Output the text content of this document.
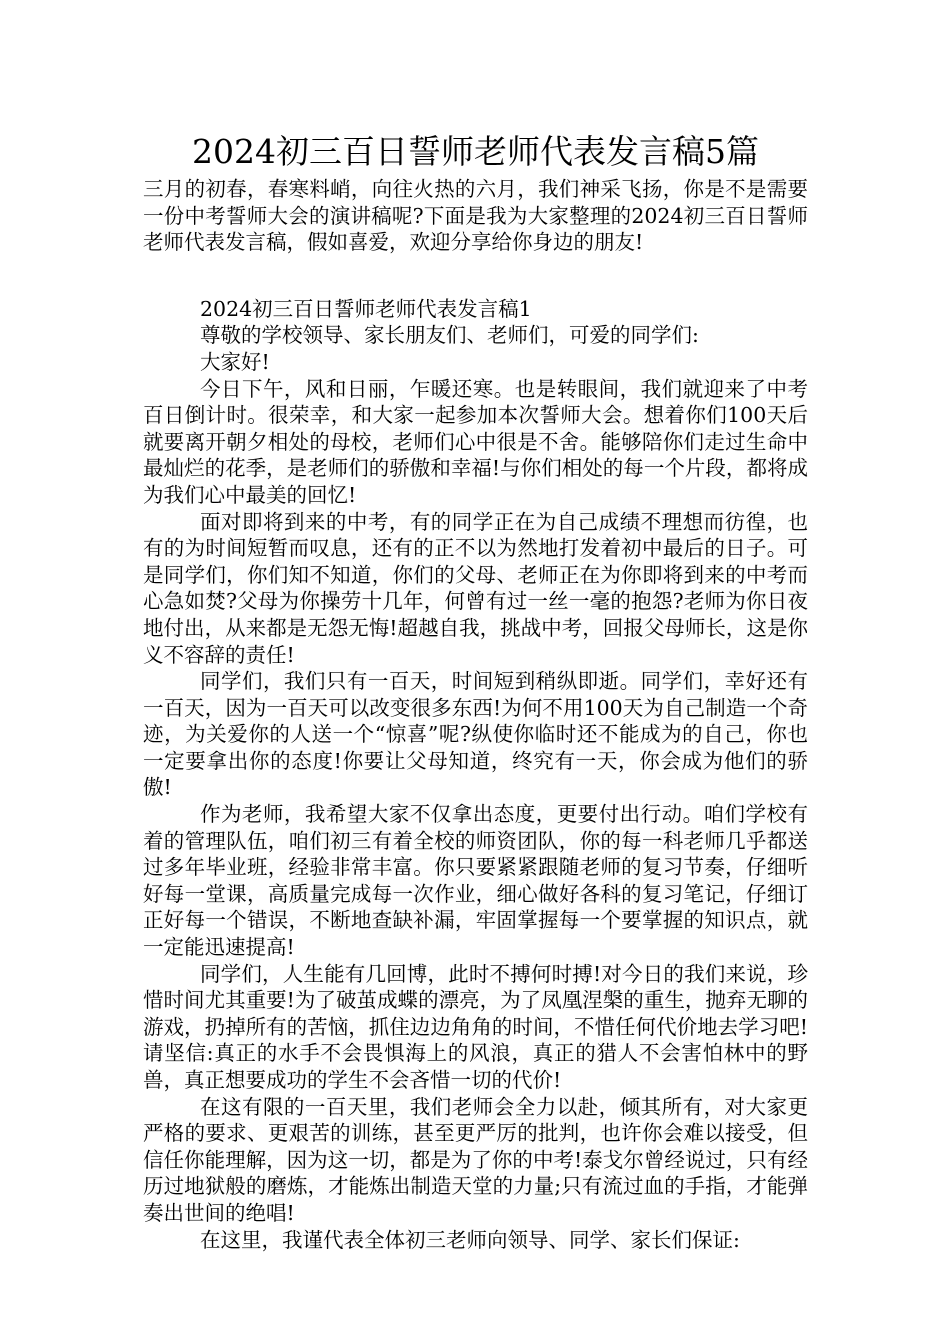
2024初三百日誓师老师代表发言稿5篇

三月的初春，春寒料峭，向往火热的六月，我们神采飞扬，你是不是需要一份中考誓师大会的演讲稿呢?下面是我为大家整理的2024初三百日誓师老师代表发言稿，假如喜爱，欢迎分享给你身边的朋友!

2024初三百日誓师老师代表发言稿1

尊敬的学校领导、家长朋友们、老师们，可爱的同学们:

大家好!

今日下午，风和日丽，乍暖还寒。也是转眼间，我们就迎来了中考百日倒计时。很荣幸，和大家一起参加本次誓师大会。想着你们100天后就要离开朝夕相处的母校，老师们心中很是不舍。能够陪你们走过生命中最灿烂的花季，是老师们的骄傲和幸福!与你们相处的每一个片段，都将成为我们心中最美的回忆!

面对即将到来的中考，有的同学正在为自己成绩不理想而彷徨，也有的为时间短暂而叹息，还有的正不以为然地打发着初中最后的日子。可是同学们，你们知不知道，你们的父母、老师正在为你即将到来的中考而心急如焚?父母为你操劳十几年，何曾有过一丝一毫的抱怨?老师为你日夜地付出，从来都是无怨无悔!超越自我，挑战中考，回报父母师长，这是你义不容辞的责任!

同学们，我们只有一百天，时间短到稍纵即逝。同学们，幸好还有一百天，因为一百天可以改变很多东西!为何不用100天为自己制造一个奇迹，为关爱你的人送一个“惊喜”呢?纵使你临时还不能成为的自己，你也一定要拿出你的态度!你要让父母知道，终究有一天，你会成为他们的骄傲!

作为老师，我希望大家不仅拿出态度，更要付出行动。咱们学校有着的管理队伍，咱们初三有着全校的师资团队，你的每一科老师几乎都送过多年毕业班，经验非常丰富。你只要紧紧跟随老师的复习节奏，仔细听好每一堂课，高质量完成每一次作业，细心做好各科的复习笔记，仔细订正好每一个错误，不断地查缺补漏，牢固掌握每一个要掌握的知识点，就一定能迅速提高!

同学们，人生能有几回博，此时不搏何时搏!对今日的我们来说，珍惜时间尤其重要!为了破茧成蝶的漂亮，为了凤凰涅槃的重生，抛弃无聊的游戏，扔掉所有的苦恼，抓住边边角角的时间，不惜任何代价地去学习吧!请坚信:真正的水手不会畏惧海上的风浪，真正的猎人不会害怕林中的野兽，真正想要成功的学生不会吝惜一切的代价!

在这有限的一百天里，我们老师会全力以赴，倾其所有，对大家更严格的要求、更艰苦的训练，甚至更严厉的批判，也许你会难以接受，但信任你能理解，因为这一切，都是为了你的中考!泰戈尔曾经说过，只有经历过地狱般的磨炼，才能炼出制造天堂的力量;只有流过血的手指，才能弹奏出世间的绝唱!

在这里，我谨代表全体初三老师向领导、同学、家长们保证:
